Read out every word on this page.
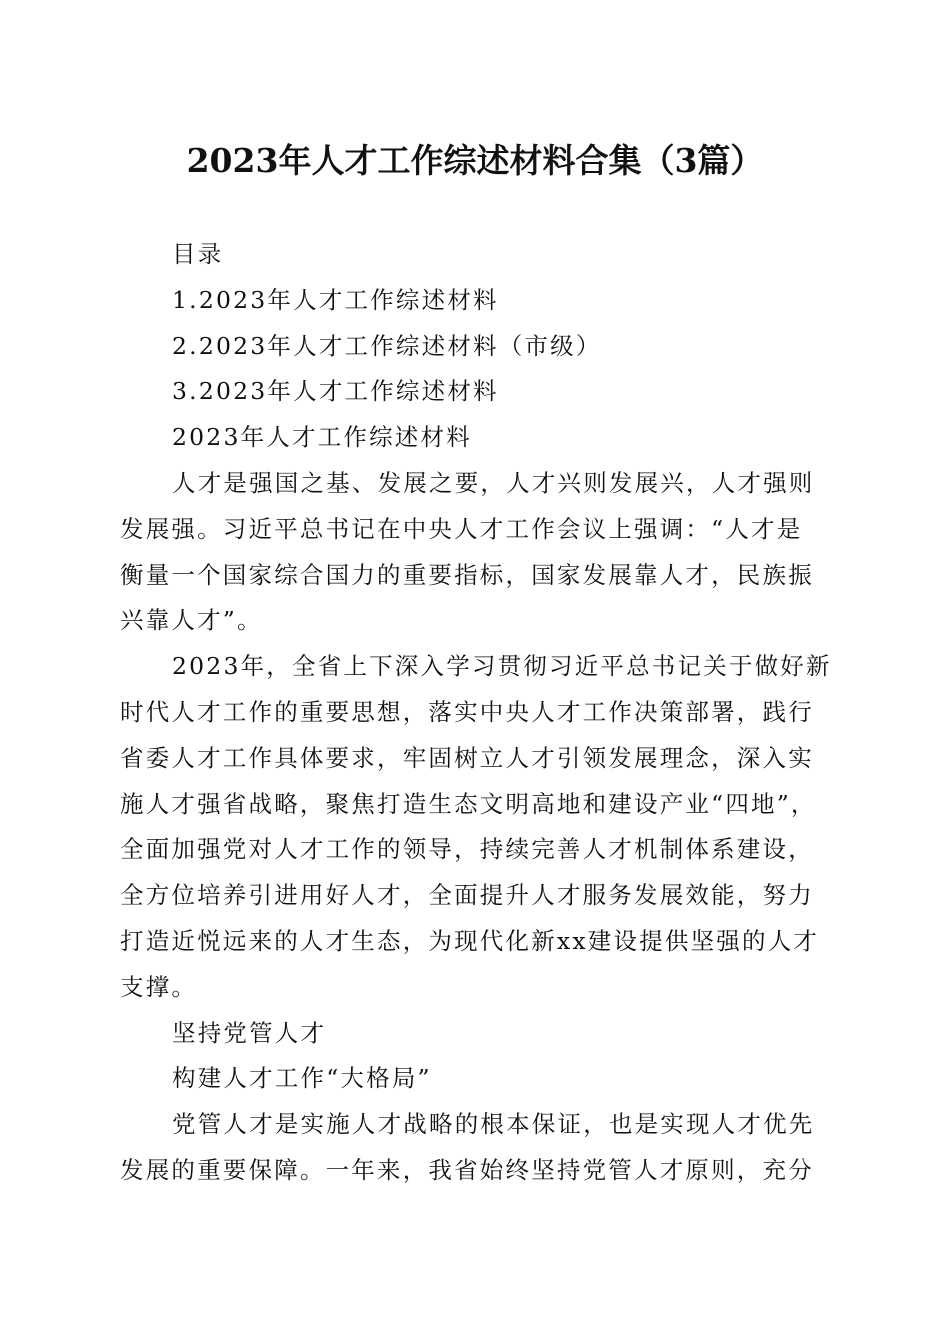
2023年人才工作综述材料合集（3篇）

目录

1.2023年人才工作综述材料

2.2023年人才工作综述材料（市级）

3.2023年人才工作综述材料

2023年人才工作综述材料

人才是强国之基、发展之要，人才兴则发展兴，人才强则

发展强。习近平总书记在中央人才工作会议上强调：“人才是

衡量一个国家综合国力的重要指标，国家发展靠人才，民族振

兴靠人才”。

2023年，全省上下深入学习贯彻习近平总书记关于做好新

时代人才工作的重要思想，落实中央人才工作决策部署，践行

省委人才工作具体要求，牢固树立人才引领发展理念，深入实

施人才强省战略，聚焦打造生态文明高地和建设产业“四地”，

全面加强党对人才工作的领导，持续完善人才机制体系建设，

全方位培养引进用好人才，全面提升人才服务发展效能，努力

打造近悦远来的人才生态，为现代化新xx建设提供坚强的人才

支撑。

坚持党管人才

构建人才工作“大格局”

党管人才是实施人才战略的根本保证，也是实现人才优先

发展的重要保障。一年来，我省始终坚持党管人才原则，充分
